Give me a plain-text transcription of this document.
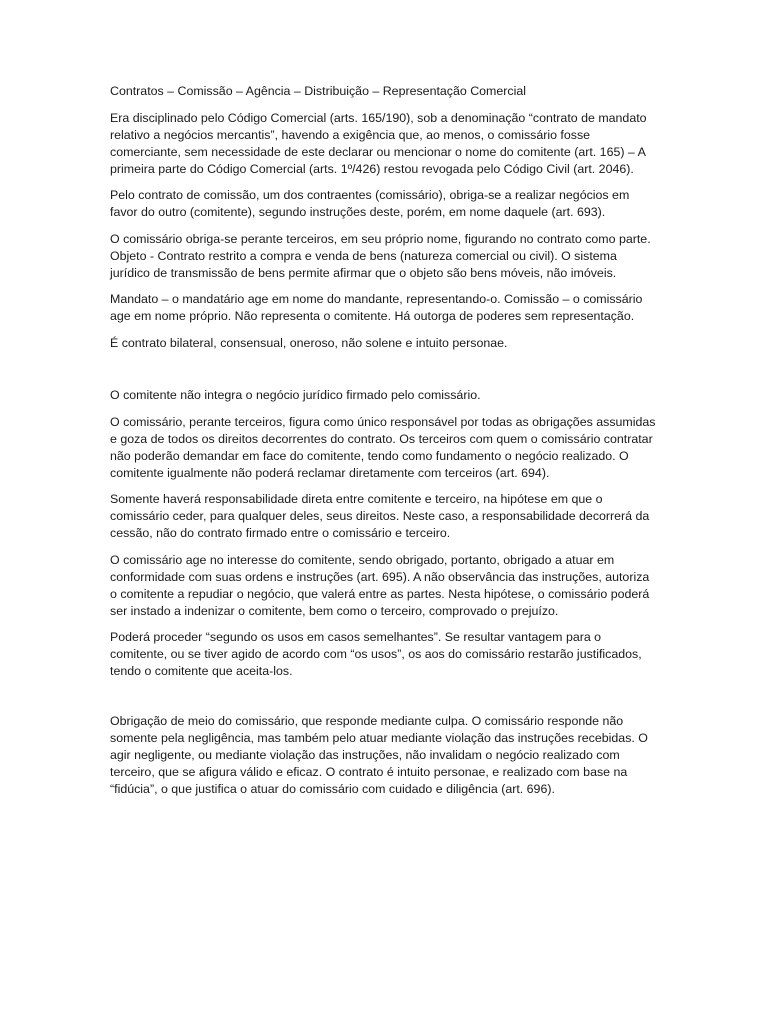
Contratos – Comissão – Agência – Distribuição – Representação Comercial

Era disciplinado pelo Código Comercial (arts. 165/190), sob a denominação “contrato de mandato relativo a negócios mercantis”, havendo a exigência que, ao menos, o comissário fosse comerciante, sem necessidade de este declarar ou mencionar o nome do comitente (art. 165) – A primeira parte do Código Comercial (arts. 1º/426) restou revogada pelo Código Civil (art. 2046).

Pelo contrato de comissão, um dos contraentes (comissário), obriga-se a realizar negócios em favor do outro (comitente), segundo instruções deste, porém, em nome daquele (art. 693).

O comissário obriga-se perante terceiros, em seu próprio nome, figurando no contrato como parte. Objeto - Contrato restrito a compra e venda de bens (natureza comercial ou civil). O sistema jurídico de transmissão de bens permite afirmar que o objeto são bens móveis, não imóveis.

Mandato – o mandatário age em nome do mandante, representando-o. Comissão – o comissário age em nome próprio. Não representa o comitente. Há outorga de poderes sem representação.

É contrato bilateral, consensual, oneroso, não solene e intuito personae.

O comitente não integra o negócio jurídico firmado pelo comissário.

O comissário, perante terceiros, figura como único responsável por todas as obrigações assumidas e goza de todos os direitos decorrentes do contrato. Os terceiros com quem o comissário contratar não poderão demandar em face do comitente, tendo como fundamento o negócio realizado. O comitente igualmente não poderá reclamar diretamente com terceiros (art. 694).

Somente haverá responsabilidade direta entre comitente e terceiro, na hipótese em que o comissário ceder, para qualquer deles, seus direitos. Neste caso, a responsabilidade decorrerá da cessão, não do contrato firmado entre o comissário e terceiro.

O comissário age no interesse do comitente, sendo obrigado, portanto, obrigado a atuar em conformidade com suas ordens e instruções (art. 695). A não observância das instruções, autoriza o comitente a repudiar o negócio, que valerá entre as partes. Nesta hipótese, o comissário poderá ser instado a indenizar o comitente, bem como o terceiro, comprovado o prejuízo.

Poderá proceder “segundo os usos em casos semelhantes”. Se resultar vantagem para o comitente, ou se tiver agido de acordo com “os usos”, os aos do comissário restarão justificados, tendo o comitente que aceita-los.

Obrigação de meio do comissário, que responde mediante culpa. O comissário responde não somente pela negligência, mas também pelo atuar mediante violação das instruções recebidas. O agir negligente, ou mediante violação das instruções, não invalidam o negócio realizado com terceiro, que se afigura válido e eficaz. O contrato é intuito personae, e realizado com base na “fidúcia”, o que justifica o atuar do comissário com cuidado e diligência (art. 696).
